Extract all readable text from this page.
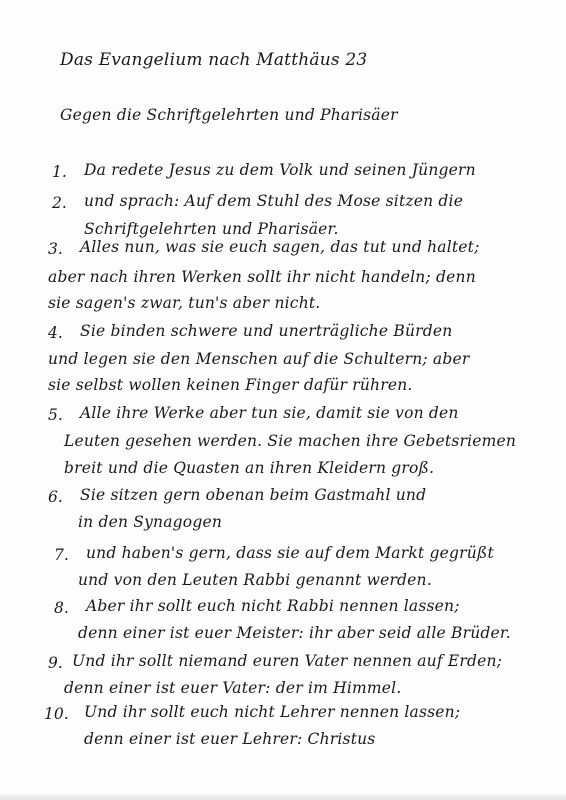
Das Evangelium nach Matthäus 23
Gegen die Schriftgelehrten und Pharisäer
1. Da redete Jesus zu dem Volk und seinen Jüngern
2. und sprach: Auf dem Stuhl des Mose sitzen die
Schriftgelehrten und Pharisäer.
3. Alles nun, was sie euch sagen, das tut und haltet;
aber nach ihren Werken sollt ihr nicht handeln; denn
sie sagen's zwar, tun's aber nicht.
4. Sie binden schwere und unerträgliche Bürden
und legen sie den Menschen auf die Schultern; aber
sie selbst wollen keinen Finger dafür rühren.
5. Alle ihre Werke aber tun sie, damit sie von den
Leuten gesehen werden. Sie machen ihre Gebetsriemen
breit und die Quasten an ihren Kleidern groß.
6. Sie sitzen gern obenan beim Gastmahl und
in den Synagogen
7. und haben's gern, dass sie auf dem Markt gegrüßt
und von den Leuten Rabbi genannt werden.
8. Aber ihr sollt euch nicht Rabbi nennen lassen;
denn einer ist euer Meister: ihr aber seid alle Brüder.
9. Und ihr sollt niemand euren Vater nennen auf Erden;
denn einer ist euer Vater: der im Himmel.
10. Und ihr sollt euch nicht Lehrer nennen lassen;
denn einer ist euer Lehrer: Christus
